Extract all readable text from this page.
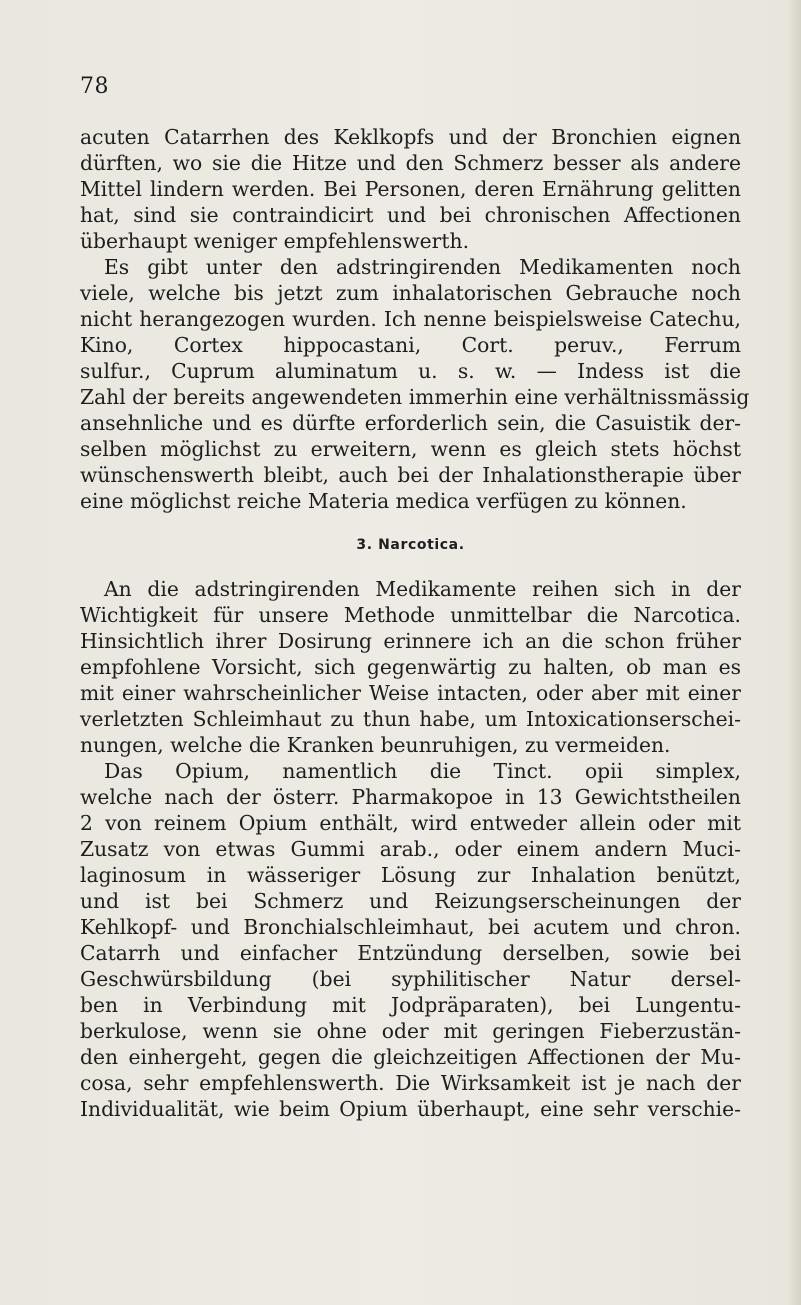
78
acuten Catarrhen des Keklkopfs und der Bronchien eignen
dürften, wo sie die Hitze und den Schmerz besser als andere
Mittel lindern werden. Bei Personen, deren Ernährung gelitten
hat, sind sie contraindicirt und bei chronischen Affectionen
überhaupt weniger empfehlenswerth.
Es gibt unter den adstringirenden Medikamenten noch
viele, welche bis jetzt zum inhalatorischen Gebrauche noch
nicht herangezogen wurden. Ich nenne beispielsweise Catechu,
Kino, Cortex hippocastani, Cort. peruv., Ferrum
sulfur., Cuprum aluminatum u. s. w. — Indess ist die
Zahl der bereits angewendeten immerhin eine verhältnissmässig
ansehnliche und es dürfte erforderlich sein, die Casuistik der-
selben möglichst zu erweitern, wenn es gleich stets höchst
wünschenswerth bleibt, auch bei der Inhalationstherapie über
eine möglichst reiche Materia medica verfügen zu können.
3. Narcotica.
An die adstringirenden Medikamente reihen sich in der
Wichtigkeit für unsere Methode unmittelbar die Narcotica.
Hinsichtlich ihrer Dosirung erinnere ich an die schon früher
empfohlene Vorsicht, sich gegenwärtig zu halten, ob man es
mit einer wahrscheinlicher Weise intacten, oder aber mit einer
verletzten Schleimhaut zu thun habe, um Intoxicationserschei-
nungen, welche die Kranken beunruhigen, zu vermeiden.
Das Opium, namentlich die Tinct. opii simplex,
welche nach der österr. Pharmakopoe in 13 Gewichtstheilen
2 von reinem Opium enthält, wird entweder allein oder mit
Zusatz von etwas Gummi arab., oder einem andern Muci-
laginosum in wässeriger Lösung zur Inhalation benützt,
und ist bei Schmerz und Reizungserscheinungen der
Kehlkopf- und Bronchialschleimhaut, bei acutem und chron.
Catarrh und einfacher Entzündung derselben, sowie bei
Geschwürsbildung (bei syphilitischer Natur dersel-
ben in Verbindung mit Jodpräparaten), bei Lungentu-
berkulose, wenn sie ohne oder mit geringen Fieberzustän-
den einhergeht, gegen die gleichzeitigen Affectionen der Mu-
cosa, sehr empfehlenswerth. Die Wirksamkeit ist je nach der
Individualität, wie beim Opium überhaupt, eine sehr verschie-
